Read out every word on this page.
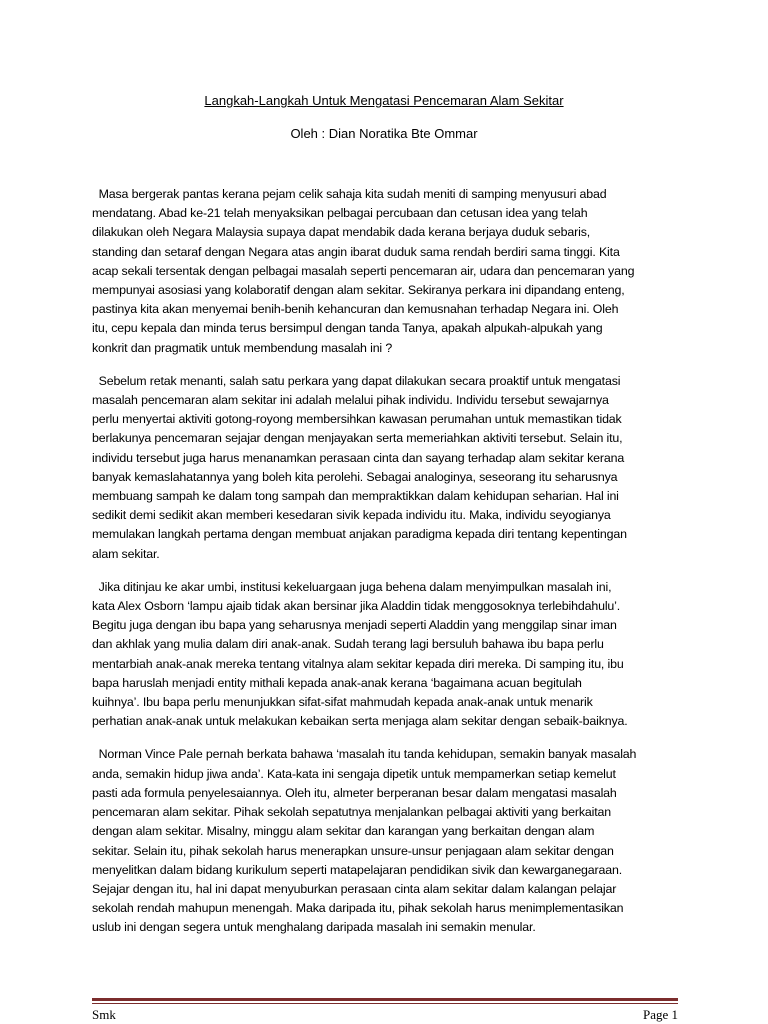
Langkah-Langkah Untuk Mengatasi Pencemaran Alam Sekitar
Oleh : Dian Noratika Bte Ommar

Masa bergerak pantas kerana pejam celik sahaja kita sudah meniti di samping menyusuri abad
mendatang. Abad ke-21 telah menyaksikan pelbagai percubaan dan cetusan idea yang telah
dilakukan oleh Negara Malaysia supaya dapat mendabik dada kerana berjaya duduk sebaris,
standing dan setaraf dengan Negara atas angin ibarat duduk sama rendah berdiri sama tinggi. Kita
acap sekali tersentak dengan pelbagai masalah seperti pencemaran air, udara dan pencemaran yang
mempunyai asosiasi yang kolaboratif dengan alam sekitar. Sekiranya perkara ini dipandang enteng,
pastinya kita akan menyemai benih-benih kehancuran dan kemusnahan terhadap Negara ini. Oleh
itu, cepu kepala dan minda terus bersimpul dengan tanda Tanya, apakah alpukah-alpukah yang
konkrit dan pragmatik untuk membendung masalah ini ?

Sebelum retak menanti, salah satu perkara yang dapat dilakukan secara proaktif untuk mengatasi
masalah pencemaran alam sekitar ini adalah melalui pihak individu. Individu tersebut sewajarnya
perlu menyertai aktiviti gotong-royong membersihkan kawasan perumahan untuk memastikan tidak
berlakunya pencemaran sejajar dengan menjayakan serta memeriahkan aktiviti tersebut. Selain itu,
individu tersebut juga harus menanamkan perasaan cinta dan sayang terhadap alam sekitar kerana
banyak kemaslahatannya yang boleh kita perolehi. Sebagai analoginya, seseorang itu seharusnya
membuang sampah ke dalam tong sampah dan mempraktikkan dalam kehidupan seharian. Hal ini
sedikit demi sedikit akan memberi kesedaran sivik kepada individu itu. Maka, individu seyogianya
memulakan langkah pertama dengan membuat anjakan paradigma kepada diri tentang kepentingan
alam sekitar.

Jika ditinjau ke akar umbi, institusi kekeluargaan juga behena dalam menyimpulkan masalah ini,
kata Alex Osborn ‘lampu ajaib tidak akan bersinar jika Aladdin tidak menggosoknya terlebihdahulu’.
Begitu juga dengan ibu bapa yang seharusnya menjadi seperti Aladdin yang menggilap sinar iman
dan akhlak yang mulia dalam diri anak-anak. Sudah terang lagi bersuluh bahawa ibu bapa perlu
mentarbiah anak-anak mereka tentang vitalnya alam sekitar kepada diri mereka. Di samping itu, ibu
bapa haruslah menjadi entity mithali kepada anak-anak kerana ‘bagaimana acuan begitulah
kuihnya’. Ibu bapa perlu menunjukkan sifat-sifat mahmudah kepada anak-anak untuk menarik
perhatian anak-anak untuk melakukan kebaikan serta menjaga alam sekitar dengan sebaik-baiknya.

Norman Vince Pale pernah berkata bahawa ‘masalah itu tanda kehidupan, semakin banyak masalah
anda, semakin hidup jiwa anda’. Kata-kata ini sengaja dipetik untuk mempamerkan setiap kemelut
pasti ada formula penyelesaiannya. Oleh itu, almeter berperanan besar dalam mengatasi masalah
pencemaran alam sekitar. Pihak sekolah sepatutnya menjalankan pelbagai aktiviti yang berkaitan
dengan alam sekitar. Misalny, minggu alam sekitar dan karangan yang berkaitan dengan alam
sekitar. Selain itu, pihak sekolah harus menerapkan unsure-unsur penjagaan alam sekitar dengan
menyelitkan dalam bidang kurikulum seperti matapelajaran pendidikan sivik dan kewarganegaraan.
Sejajar dengan itu, hal ini dapat menyuburkan perasaan cinta alam sekitar dalam kalangan pelajar
sekolah rendah mahupun menengah. Maka daripada itu, pihak sekolah harus menimplementasikan
uslub ini dengan segera untuk menghalang daripada masalah ini semakin menular.

Smk	Page 1
